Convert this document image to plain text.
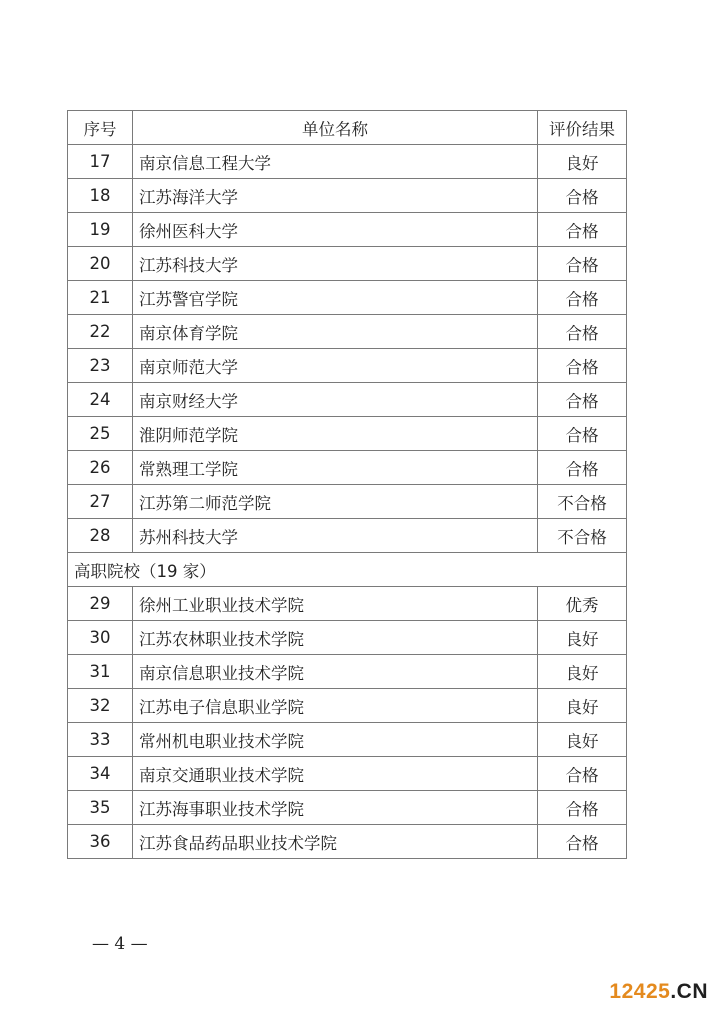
序号	单位名称	评价结果
17	南京信息工程大学	良好
18	江苏海洋大学	合格
19	徐州医科大学	合格
20	江苏科技大学	合格
21	江苏警官学院	合格
22	南京体育学院	合格
23	南京师范大学	合格
24	南京财经大学	合格
25	淮阴师范学院	合格
26	常熟理工学院	合格
27	江苏第二师范学院	不合格
28	苏州科技大学	不合格
高职院校（19 家）		
29	徐州工业职业技术学院	优秀
30	江苏农林职业技术学院	良好
31	南京信息职业技术学院	良好
32	江苏电子信息职业学院	良好
33	常州机电职业技术学院	良好
34	南京交通职业技术学院	合格
35	江苏海事职业技术学院	合格
36	江苏食品药品职业技术学院	合格
— 4 —
12425.CN
